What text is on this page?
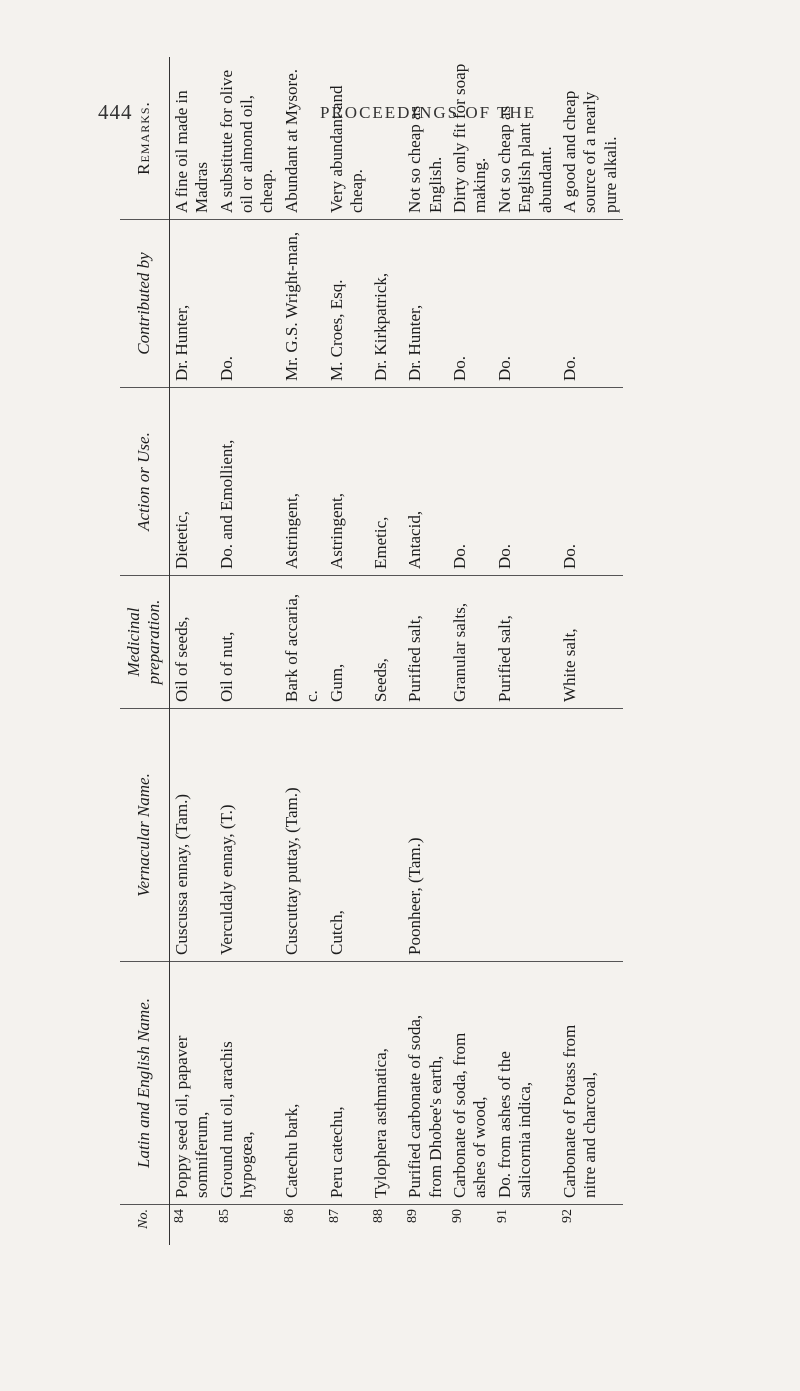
444	PROCEEDINGS OF THE
No.	Latin and English Name.	Vernacular Name.	Medicinal preparation.	Action or Use.	Contributed by	Remarks.
84	Poppy seed oil, papaver somniferum,	Cuscussa ennay, (Tam.)	Oil of seeds,	Dietetic,	Dr. Hunter,	A fine oil made in Madras
85	Ground nut oil, arachis hypogœa,	Verculdaly ennay, (T.)	Oil of nut,	Do. and Emollient,	Do.	A substitute for olive oil or almond oil, cheap.
86	Catechu bark,	Cuscuttay puttay, (Tam.)	Bark of accaria, c.	Astringent,	Mr. G.S. Wright-man,	Abundant at Mysore.
87	Peru catechu,	Cutch,	Gum,	Astringent,	M. Croes, Esq.	Very abundant and cheap.
88	Tylophera asthmatica,		Seeds,	Emetic,	Dr. Kirkpatrick,	
89	Purified carbonate of soda, from Dhobee's earth,	Poonheer, (Tam.)	Purified salt,	Antacid,	Dr. Hunter,	Not so cheap as English.
90	Carbonate of soda, from ashes of wood,		Granular salts,	Do.	Do.	Dirty only fit for soap making.
91	Do. from ashes of the salicornia indica,		Purified salt,	Do.	Do.	Not so cheap as English plant abundant.
92	Carbonate of Potass from nitre and charcoal,		White salt,	Do.	Do.	A good and cheap source of a nearly pure alkali.
